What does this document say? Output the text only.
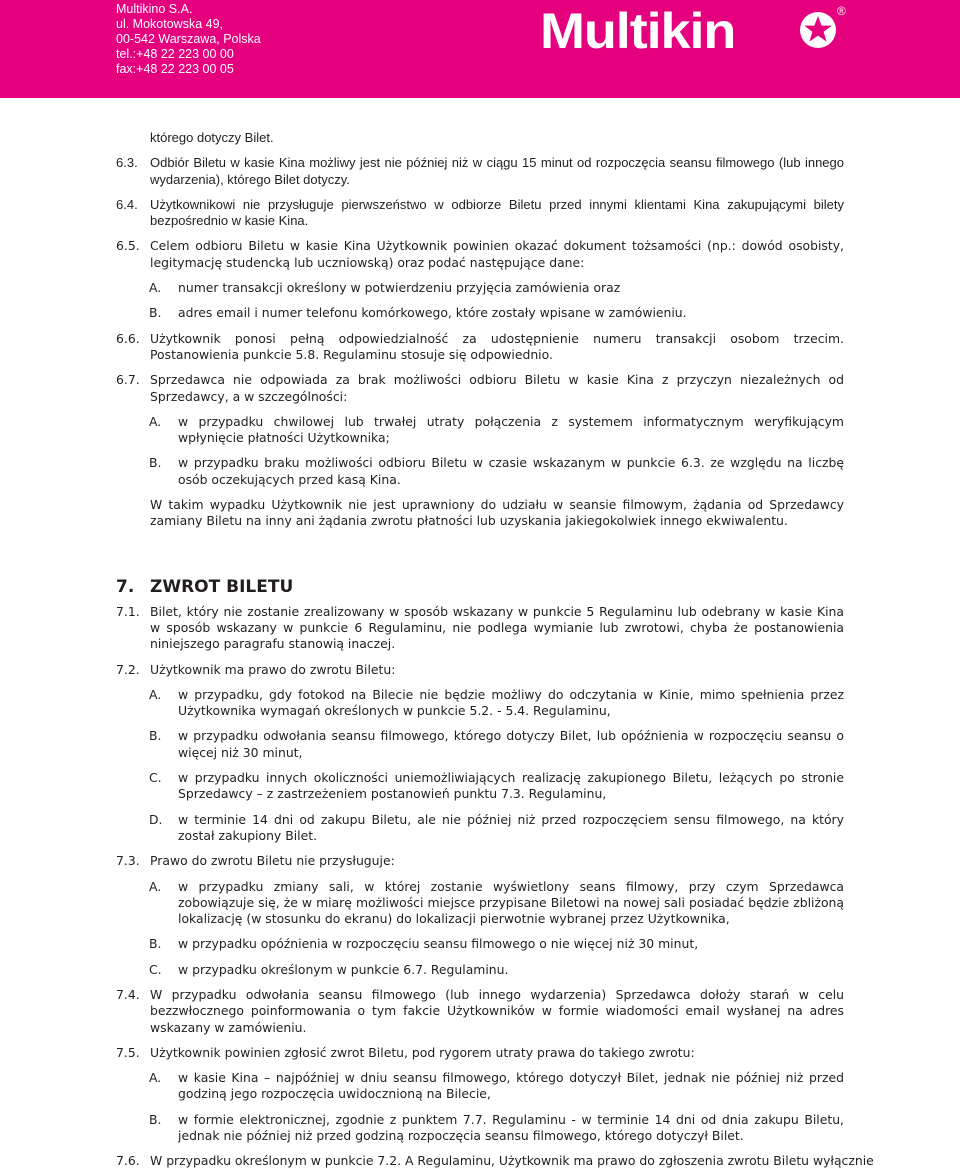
Multikino S.A.
ul. Mokotowska 49,
00-542 Warszawa, Polska
tel.:+48 22 223 00 00
fax:+48 22 223 00 05
Multikin	®
którego dotyczy Bilet.
6.3. Odbiór Biletu w kasie Kina możliwy jest nie później niż w ciągu 15 minut od rozpoczęcia seansu filmowego (lub innego wydarzenia), którego Bilet dotyczy.
6.4. Użytkownikowi nie przysługuje pierwszeństwo w odbiorze Biletu przed innymi klientami Kina zakupującymi bilety bezpośrednio w kasie Kina.
6.5. Celem odbioru Biletu w kasie Kina Użytkownik powinien okazać dokument tożsamości (np.: dowód osobisty, legitymację studencką lub uczniowską) oraz podać następujące dane:
A. numer transakcji określony w potwierdzeniu przyjęcia zamówienia oraz
B. adres email i numer telefonu komórkowego, które zostały wpisane w zamówieniu.
6.6. Użytkownik ponosi pełną odpowiedzialność za udostępnienie numeru transakcji osobom trzecim. Postanowienia punkcie 5.8. Regulaminu stosuje się odpowiednio.
6.7. Sprzedawca nie odpowiada za brak możliwości odbioru Biletu w kasie Kina z przyczyn niezależnych od Sprzedawcy, a w szczególności:
A. w przypadku chwilowej lub trwałej utraty połączenia z systemem informatycznym weryfikującym wpłynięcie płatności Użytkownika;
B. w przypadku braku możliwości odbioru Biletu w czasie wskazanym w punkcie 6.3. ze względu na liczbę osób oczekujących przed kasą Kina.
W takim wypadku Użytkownik nie jest uprawniony do udziału w seansie filmowym, żądania od Sprzedawcy zamiany Biletu na inny ani żądania zwrotu płatności lub uzyskania jakiegokolwiek innego ekwiwalentu.
7. ZWROT BILETU
7.1. Bilet, który nie zostanie zrealizowany w sposób wskazany w punkcie 5 Regulaminu lub odebrany w kasie Kina w sposób wskazany w punkcie 6 Regulaminu, nie podlega wymianie lub zwrotowi, chyba że postanowienia niniejszego paragrafu stanowią inaczej.
7.2. Użytkownik ma prawo do zwrotu Biletu:
A. w przypadku, gdy fotokod na Bilecie nie będzie możliwy do odczytania w Kinie, mimo spełnienia przez Użytkownika wymagań określonych w punkcie 5.2. - 5.4. Regulaminu,
B. w przypadku odwołania seansu filmowego, którego dotyczy Bilet, lub opóźnienia w rozpoczęciu seansu o więcej niż 30 minut,
C. w przypadku innych okoliczności uniemożliwiających realizację zakupionego Biletu, leżących po stronie Sprzedawcy – z zastrzeżeniem postanowień punktu 7.3. Regulaminu,
D. w terminie 14 dni od zakupu Biletu, ale nie później niż przed rozpoczęciem sensu filmowego, na który został zakupiony Bilet.
7.3. Prawo do zwrotu Biletu nie przysługuje:
A. w przypadku zmiany sali, w której zostanie wyświetlony seans filmowy, przy czym Sprzedawca zobowiązuje się, że w miarę możliwości miejsce przypisane Biletowi na nowej sali posiadać będzie zbliżoną lokalizację (w stosunku do ekranu) do lokalizacji pierwotnie wybranej przez Użytkownika,
B. w przypadku opóźnienia w rozpoczęciu seansu filmowego o nie więcej niż 30 minut,
C. w przypadku określonym w punkcie 6.7. Regulaminu.
7.4. W przypadku odwołania seansu filmowego (lub innego wydarzenia) Sprzedawca dołoży starań w celu bezzwłocznego poinformowania o tym fakcie Użytkowników w formie wiadomości email wysłanej na adres wskazany w zamówieniu.
7.5. Użytkownik powinien zgłosić zwrot Biletu, pod rygorem utraty prawa do takiego zwrotu:
A. w kasie Kina – najpóźniej w dniu seansu filmowego, którego dotyczył Bilet, jednak nie później niż przed godziną jego rozpoczęcia uwidocznioną na Bilecie,
B. w formie elektronicznej, zgodnie z punktem 7.7. Regulaminu - w terminie 14 dni od dnia zakupu Biletu, jednak nie później niż przed godziną rozpoczęcia seansu filmowego, którego dotyczył Bilet.
7.6. W przypadku określonym w punkcie 7.2. A Regulaminu, Użytkownik ma prawo do zgłoszenia zwrotu Biletu wyłącznie
